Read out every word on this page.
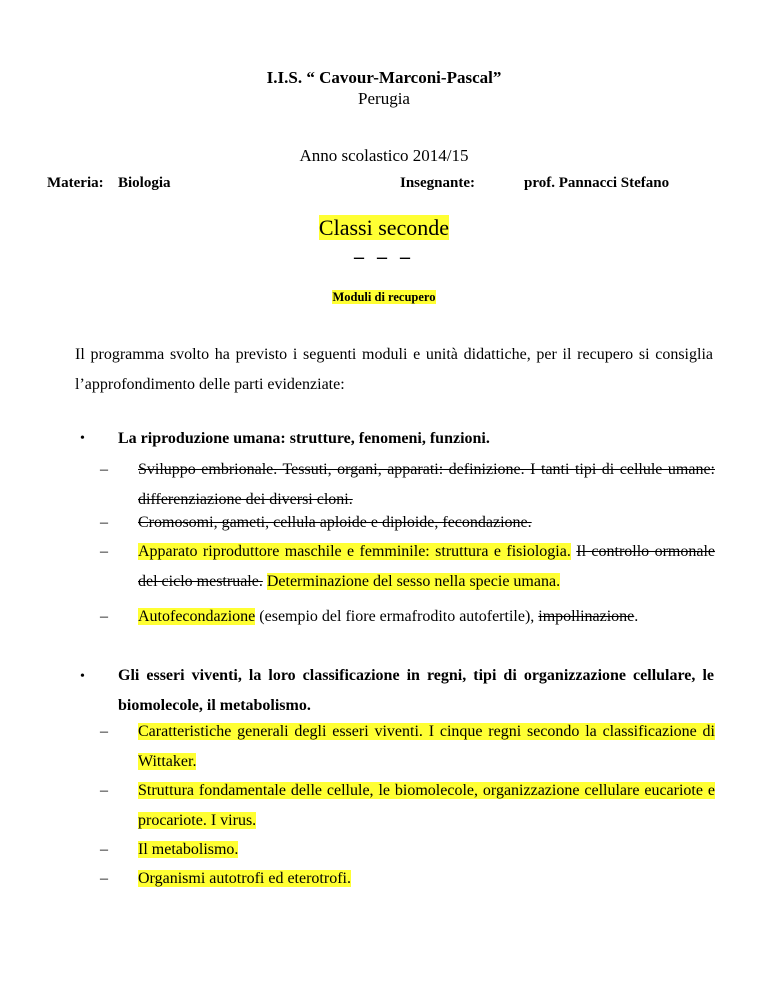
I.I.S. “ Cavour-Marconi-Pascal”
Perugia
Anno scolastico 2014/15
Materia: Biologia	Insegnante:	prof. Pannacci Stefano
Classi seconde
– – –
Moduli di recupero
Il programma svolto ha previsto i seguenti moduli e unità didattiche, per il recupero si consiglia l’approfondimento delle parti evidenziate:
• La riproduzione umana: strutture, fenomeni, funzioni.
– Sviluppo embrionale. Tessuti, organi, apparati: definizione. I tanti tipi di cellule umane: differenziazione dei diversi cloni.
– Cromosomi, gameti, cellula aploide e diploide, fecondazione.
– Apparato riproduttore maschile e femminile: struttura e fisiologia. Il controllo ormonale del ciclo mestruale. Determinazione del sesso nella specie umana.
– Autofecondazione (esempio del fiore ermafrodito autofertile), impollinazione.
• Gli esseri viventi, la loro classificazione in regni, tipi di organizzazione cellulare, le biomolecole, il metabolismo.
– Caratteristiche generali degli esseri viventi. I cinque regni secondo la classificazione di Wittaker.
– Struttura fondamentale delle cellule, le biomolecole, organizzazione cellulare eucariote e procariote. I virus.
– Il metabolismo.
– Organismi autotrofi ed eterotrofi.
